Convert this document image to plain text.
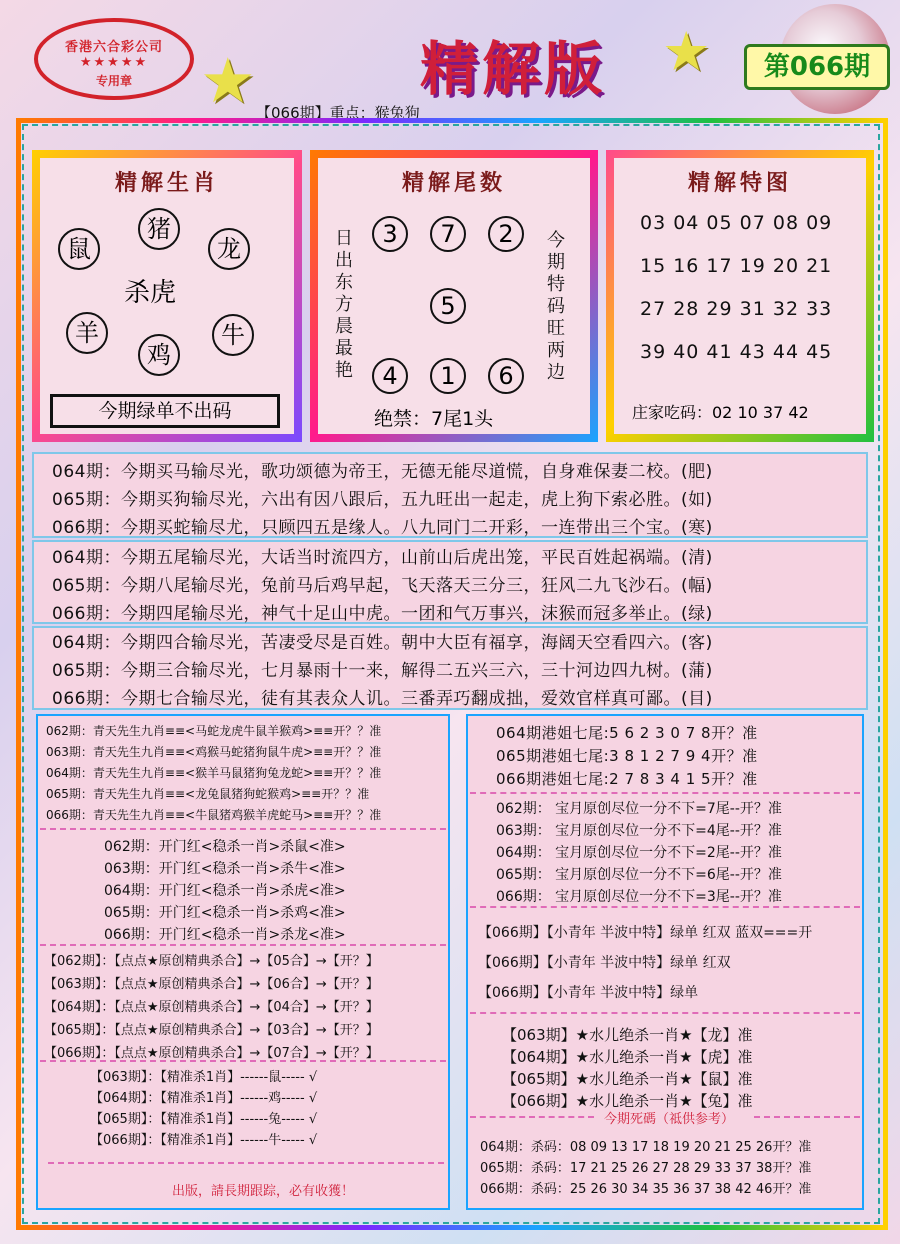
香港六合彩公司
★★★★★
专用章	★	★
精解版	第066期
【066期】重点：猴兔狗
精解生肖
鼠
猪
龙
杀虎
羊
鸡
牛
今期绿单不出码
精解尾数
日出东方晨最艳
今期特码旺两边
3	7	2
5
4	1	6
绝禁：7尾1头
精解特图
03 04 05 07 08 09
15 16 17 19 20 21
27 28 29 31 32 33
39 40 41 43 44 45
庄家吃码：02 10 37 42
064期：今期买马输尽光，歌功颂德为帝王，无德无能尽道慌，自身难保妻二校。(肥)
065期：今期买狗输尽光，六出有因八跟后，五九旺出一起走，虎上狗下索必胜。(如)
066期：今期买蛇输尽尤，只顾四五是缘人。八九同门二开彩，一连带出三个宝。(寒)
064期：今期五尾输尽光，大话当时流四方，山前山后虎出笼，平民百姓起祸端。(清)
065期：今期八尾输尽光，兔前马后鸡早起，飞天落天三分三，狂风二九飞沙石。(幅)
066期：今期四尾输尽光，神气十足山中虎。一团和气万事兴，沫猴而冠多举止。(绿)
064期：今期四合输尽光，苦凄受尽是百姓。朝中大臣有福享，海阔天空看四六。(客)
065期：今期三合输尽光，七月暴雨十一来，解得二五兴三六，三十河边四九树。(蒲)
066期：今期七合输尽光，徒有其表众人讥。三番弄巧翻成拙，爱效官样真可鄙。(目)
062期：青天先生九肖≡≡<马蛇龙虎牛鼠羊猴鸡>≡≡开？？准
063期：青天先生九肖≡≡<鸡猴马蛇猪狗鼠牛虎>≡≡开？？准
064期：青天先生九肖≡≡<猴羊马鼠猪狗兔龙蛇>≡≡开？？准
065期：青天先生九肖≡≡<龙兔鼠猪狗蛇猴鸡>≡≡开？？准
066期：青天先生九肖≡≡<牛鼠猪鸡猴羊虎蛇马>≡≡开？？准
062期：开门红<稳杀一肖>杀鼠<准>
063期：开门红<稳杀一肖>杀牛<准>
064期：开门红<稳杀一肖>杀虎<准>
065期：开门红<稳杀一肖>杀鸡<准>
066期：开门红<稳杀一肖>杀龙<准>
【062期】：【点点★原创精典杀合】→【05合】→【开？】
【063期】：【点点★原创精典杀合】→【06合】→【开？】
【064期】：【点点★原创精典杀合】→【04合】→【开？】
【065期】：【点点★原创精典杀合】→【03合】→【开？】
【066期】：【点点★原创精典杀合】→【07合】→【开？】
【063期】：【精准杀1肖】------鼠----- √
【064期】：【精准杀1肖】------鸡----- √
【065期】：【精准杀1肖】------兔----- √
【066期】：【精准杀1肖】------牛----- √
出版，請長期跟踪，必有收獲！
064期港姐七尾:5 6 2 3 0 7 8开？准
065期港姐七尾:3 8 1 2 7 9 4开？准
066期港姐七尾:2 7 8 3 4 1 5开？准
062期： 宝月原创尽位一分不下=7尾--开？准
063期： 宝月原创尽位一分不下=4尾--开？准
064期： 宝月原创尽位一分不下=2尾--开？准
065期： 宝月原创尽位一分不下=6尾--开？准
066期： 宝月原创尽位一分不下=3尾--开？准
【066期】【小青年 半波中特】绿单 红双 蓝双===开
【066期】【小青年 半波中特】绿单 红双
【066期】【小青年 半波中特】绿单
【063期】★水儿绝杀一肖★【龙】准
【064期】★水儿绝杀一肖★【虎】准
【065期】★水儿绝杀一肖★【鼠】准
【066期】★水儿绝杀一肖★【兔】准
今期死碼（祗供参考）
064期：杀码：08 09 13 17 18 19 20 21 25 26开？准
065期：杀码：17 21 25 26 27 28 29 33 37 38开？准
066期：杀码：25 26 30 34 35 36 37 38 42 46开？准
